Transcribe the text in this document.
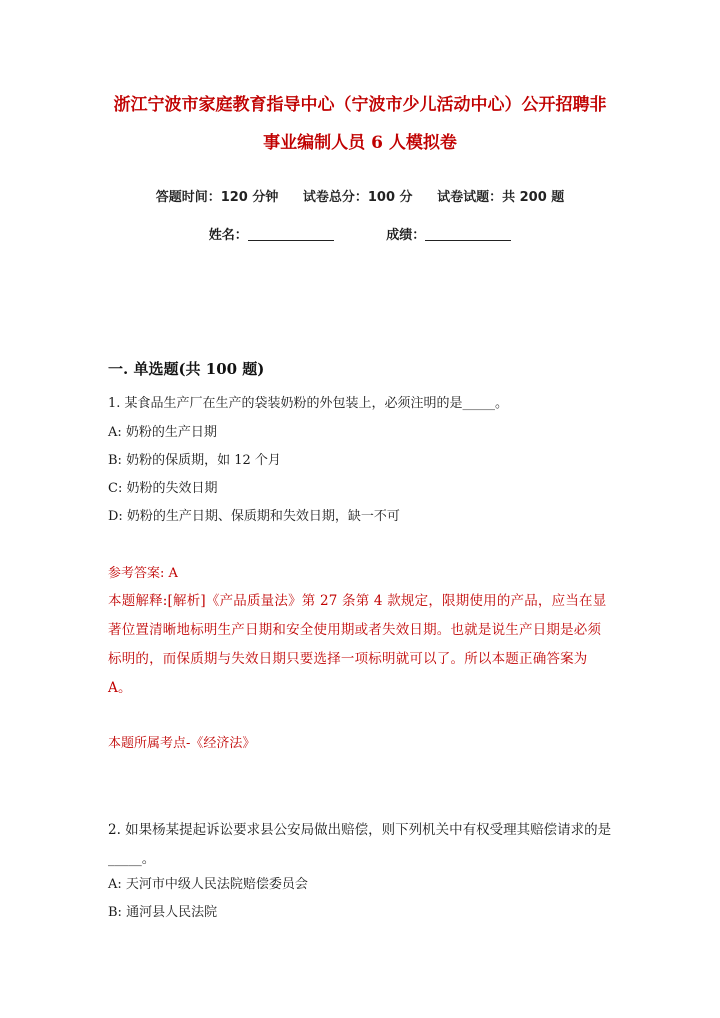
浙江宁波市家庭教育指导中心（宁波市少儿活动中心）公开招聘非
事业编制人员 6 人模拟卷
答题时间：120 分钟 试卷总分：100 分 试卷试题：共 200 题
姓名：	成绩：
一. 单选题(共 100 题)
1. 某食品生产厂在生产的袋装奶粉的外包装上，必须注明的是_____。
A: 奶粉的生产日期
B: 奶粉的保质期，如 12 个月
C: 奶粉的失效日期
D: 奶粉的生产日期、保质期和失效日期，缺一不可
参考答案: A
本题解释:[解析]《产品质量法》第 27 条第 4 款规定，限期使用的产品，应当在显著位置清晰地标明生产日期和安全使用期或者失效日期。也就是说生产日期是必须标明的，而保质期与失效日期只要选择一项标明就可以了。所以本题正确答案为 A。
本题所属考点-《经济法》
2. 如果杨某提起诉讼要求县公安局做出赔偿，则下列机关中有权受理其赔偿请求的是_____。
A: 天河市中级人民法院赔偿委员会
B: 通河县人民法院
